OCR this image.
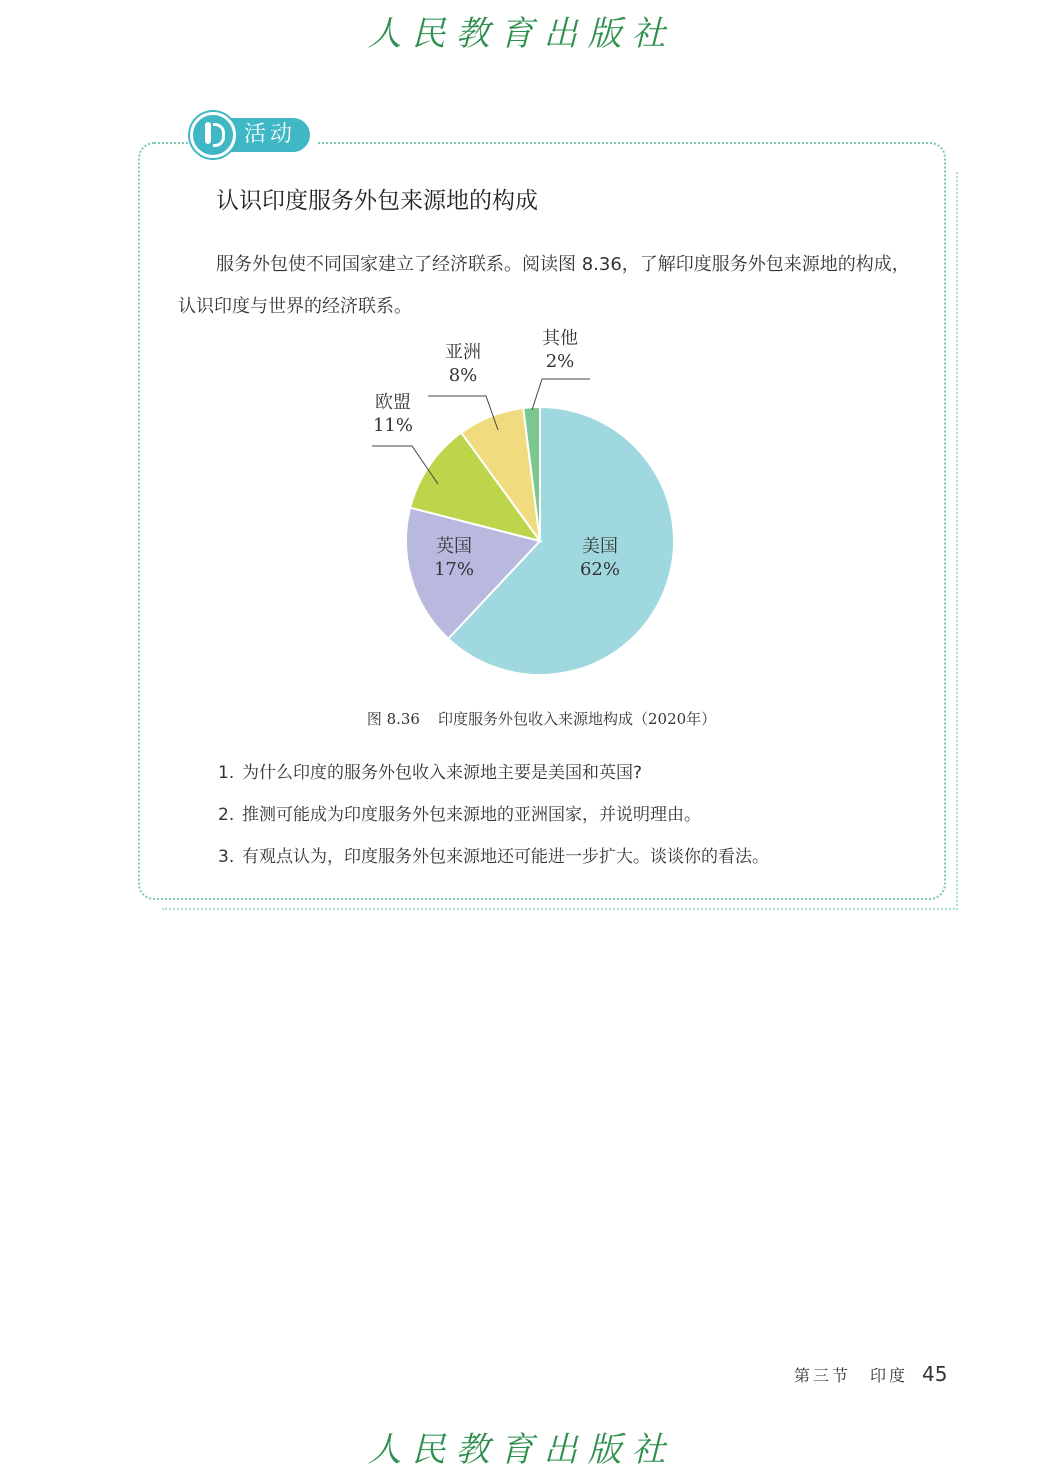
人民教育出版社
活动
认识印度服务外包来源地的构成
服务外包使不同国家建立了经济联系。阅读图 8.36，了解印度服务外包来源地的构成，认识印度与世界的经济联系。
美国
62%
英国
17%
欧盟
11%
亚洲
8%
其他
2%
图 8.36 印度服务外包收入来源地构成（2020年）
1. 为什么印度的服务外包收入来源地主要是美国和英国?
2. 推测可能成为印度服务外包来源地的亚洲国家，并说明理由。
3. 有观点认为，印度服务外包来源地还可能进一步扩大。谈谈你的看法。
第三节　印度 45
人民教育出版社
